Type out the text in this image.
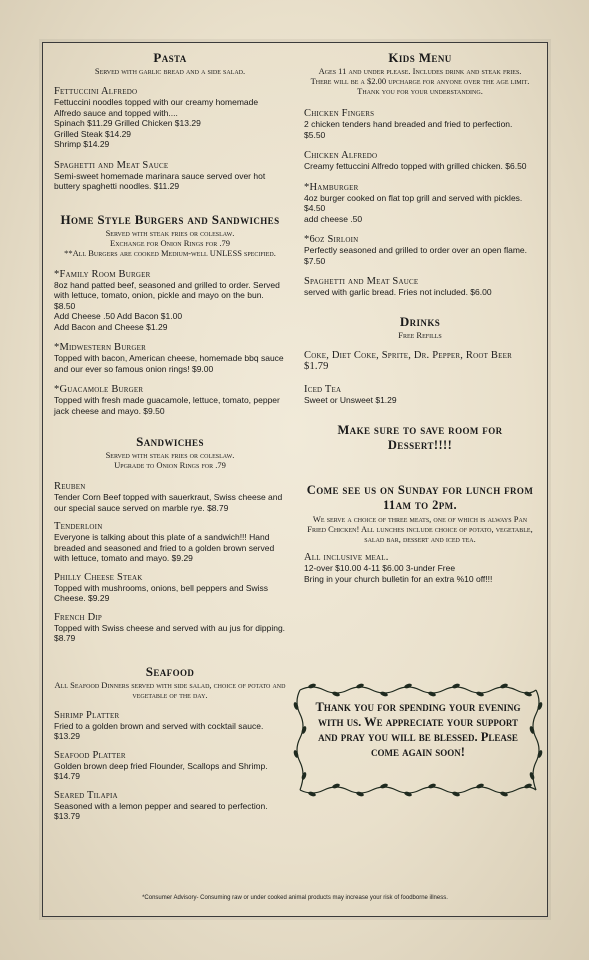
Pasta

Served with garlic bread and a side salad.

Fettuccini Alfredo

Fettuccini noodles topped with our creamy homemade Alfredo sauce and topped with....
Spinach $11.29 Grilled Chicken $13.29
Grilled Steak $14.29
Shrimp $14.29

Spaghetti and Meat Sauce

Semi-sweet homemade marinara sauce served over hot buttery spaghetti noodles. $11.29

Home Style Burgers and Sandwiches

Served with steak fries or coleslaw.
Exchange for Onion Rings for .79
**All Burgers are cooked Medium-well UNLESS specified.

*Family Room Burger

8oz hand patted beef, seasoned and grilled to order. Served with lettuce, tomato, onion, pickle and mayo on the bun. $8.50
Add Cheese .50 Add Bacon $1.00
Add Bacon and Cheese $1.29

*Midwestern Burger

Topped with bacon, American cheese, homemade bbq sauce and our ever so famous onion rings! $9.00

*Guacamole Burger

Topped with fresh made guacamole, lettuce, tomato, pepper jack cheese and mayo. $9.50

Sandwiches

Served with steak fries or coleslaw.
Upgrade to Onion Rings for .79

Reuben

Tender Corn Beef topped with sauerkraut, Swiss cheese and our special sauce served on marble rye. $8.79

Tenderloin

Everyone is talking about this plate of a sandwich!!! Hand breaded and seasoned and fried to a golden brown served with lettuce, tomato and mayo. $9.29

Philly Cheese Steak

Topped with mushrooms, onions, bell peppers and Swiss Cheese. $9.29

French Dip

Topped with Swiss cheese and served with au jus for dipping. $8.79

Seafood

All Seafood Dinners served with side salad, choice of potato and vegetable of the day.

Shrimp Platter

Fried to a golden brown and served with cocktail sauce. $13.29

Seafood Platter

Golden brown deep fried Flounder, Scallops and Shrimp. $14.79

Seared Tilapia

Seasoned with a lemon pepper and seared to perfection. $13.79

Kids Menu

Ages 11 and under please. Includes drink and steak fries.
There will be a $2.00 upcharge for anyone over the age limit. Thank you for your understanding.

Chicken Fingers

2 chicken tenders hand breaded and fried to perfection. $5.50

Chicken Alfredo

Creamy fettuccini Alfredo topped with grilled chicken. $6.50

*Hamburger

4oz burger cooked on flat top grill and served with pickles. $4.50
add cheese .50

*6oz Sirloin

Perfectly seasoned and grilled to order over an open flame. $7.50

Spaghetti and Meat Sauce

served with garlic bread. Fries not included. $6.00

Drinks

Free Refills

Coke, Diet Coke, Sprite, Dr. Pepper, Root Beer $1.79

Iced Tea

Sweet or Unsweet $1.29

Make sure to save room for Dessert!!!!
Come see us on Sunday for lunch from 11am to 2pm.

We serve a choice of three meats, one of which is always Pan Fried Chicken! All lunches include choice of potato, vegetable, salad bar, dessert and iced tea.

All inclusive meal.

12-over $10.00 4-11 $6.00 3-under Free
Bring in your church bulletin for an extra %10 off!!!

Thank you for spending your evening with us. We appreciate your support and pray you will be blessed. Please come again soon!
*Consumer Advisory- Consuming raw or under cooked animal products may increase your risk of foodborne illness.
